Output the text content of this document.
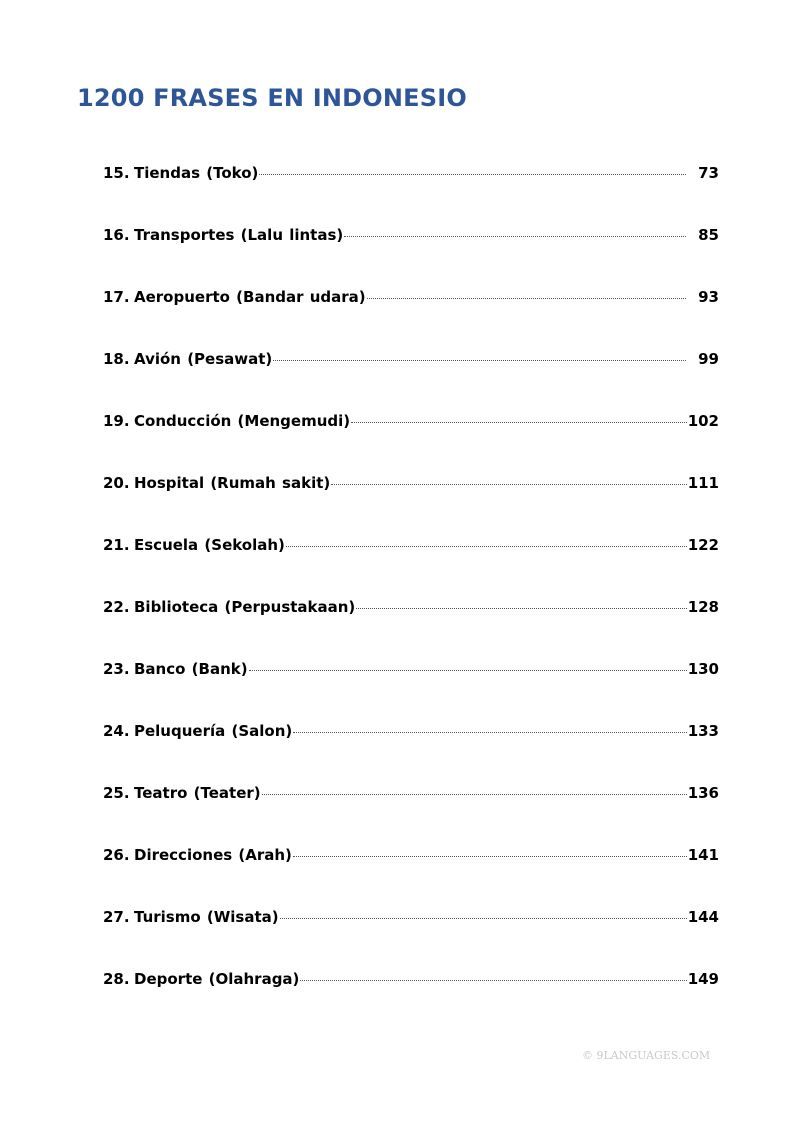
1200 FRASES EN INDONESIO
15. Tiendas (Toko)	73
16. Transportes (Lalu lintas)	85
17. Aeropuerto (Bandar udara)	93
18. Avión (Pesawat)	99
19. Conducción (Mengemudi)	102
20. Hospital (Rumah sakit)	111
21. Escuela (Sekolah)	122
22. Biblioteca (Perpustakaan)	128
23. Banco (Bank)	130
24. Peluquería (Salon)	133
25. Teatro (Teater)	136
26. Direcciones (Arah)	141
27. Turismo (Wisata)	144
28. Deporte (Olahraga)	149
© 9LANGUAGES.COM
